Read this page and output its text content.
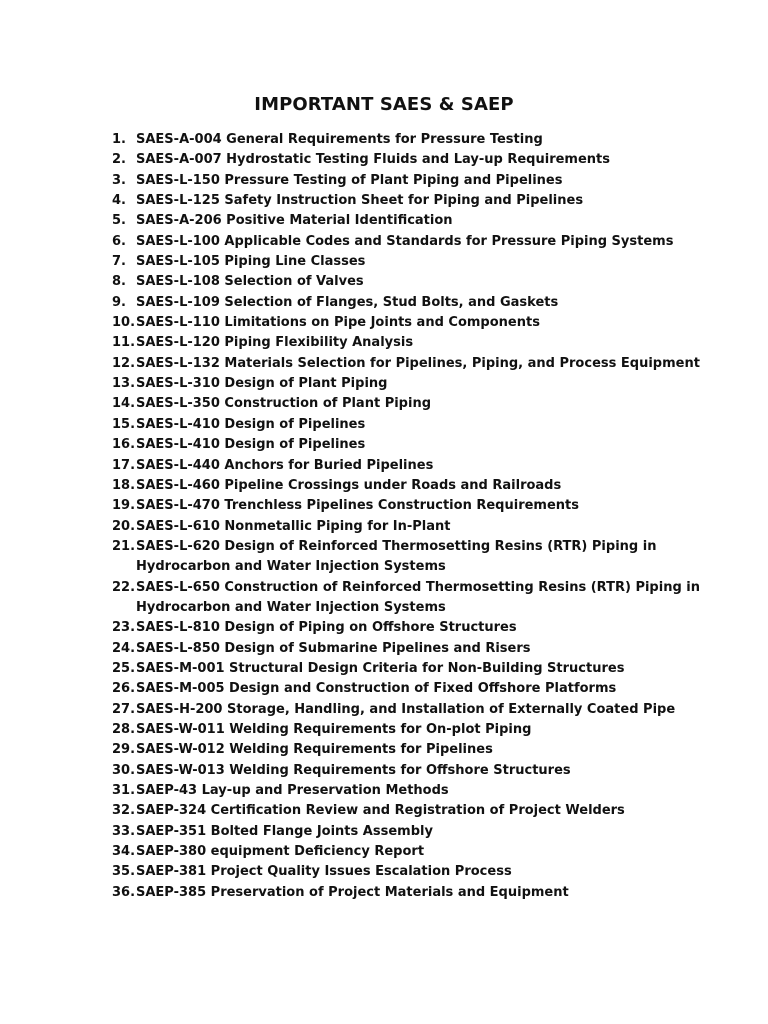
IMPORTANT SAES & SAEP
1. SAES-A-004 General Requirements for Pressure Testing
2. SAES-A-007 Hydrostatic Testing Fluids and Lay-up Requirements
3. SAES-L-150 Pressure Testing of Plant Piping and Pipelines
4. SAES-L-125 Safety Instruction Sheet for Piping and Pipelines
5. SAES-A-206 Positive Material Identification
6. SAES-L-100 Applicable Codes and Standards for Pressure Piping Systems
7. SAES-L-105 Piping Line Classes
8. SAES-L-108 Selection of Valves
9. SAES-L-109 Selection of Flanges, Stud Bolts, and Gaskets
10. SAES-L-110 Limitations on Pipe Joints and Components
11. SAES-L-120 Piping Flexibility Analysis
12. SAES-L-132 Materials Selection for Pipelines, Piping, and Process Equipment
13. SAES-L-310 Design of Plant Piping
14. SAES-L-350 Construction of Plant Piping
15. SAES-L-410 Design of Pipelines
16. SAES-L-410 Design of Pipelines
17. SAES-L-440 Anchors for Buried Pipelines
18. SAES-L-460 Pipeline Crossings under Roads and Railroads
19. SAES-L-470 Trenchless Pipelines Construction Requirements
20. SAES-L-610 Nonmetallic Piping for In-Plant
21. SAES-L-620 Design of Reinforced Thermosetting Resins (RTR) Piping in
Hydrocarbon and Water Injection Systems
22. SAES-L-650 Construction of Reinforced Thermosetting Resins (RTR) Piping in
Hydrocarbon and Water Injection Systems
23. SAES-L-810 Design of Piping on Offshore Structures
24. SAES-L-850 Design of Submarine Pipelines and Risers
25. SAES-M-001 Structural Design Criteria for Non-Building Structures
26. SAES-M-005 Design and Construction of Fixed Offshore Platforms
27. SAES-H-200 Storage, Handling, and Installation of Externally Coated Pipe
28. SAES-W-011 Welding Requirements for On-plot Piping
29. SAES-W-012 Welding Requirements for Pipelines
30. SAES-W-013 Welding Requirements for Offshore Structures
31. SAEP-43 Lay-up and Preservation Methods
32. SAEP-324 Certification Review and Registration of Project Welders
33. SAEP-351 Bolted Flange Joints Assembly
34. SAEP-380 equipment Deficiency Report
35. SAEP-381 Project Quality Issues Escalation Process
36. SAEP-385 Preservation of Project Materials and Equipment
